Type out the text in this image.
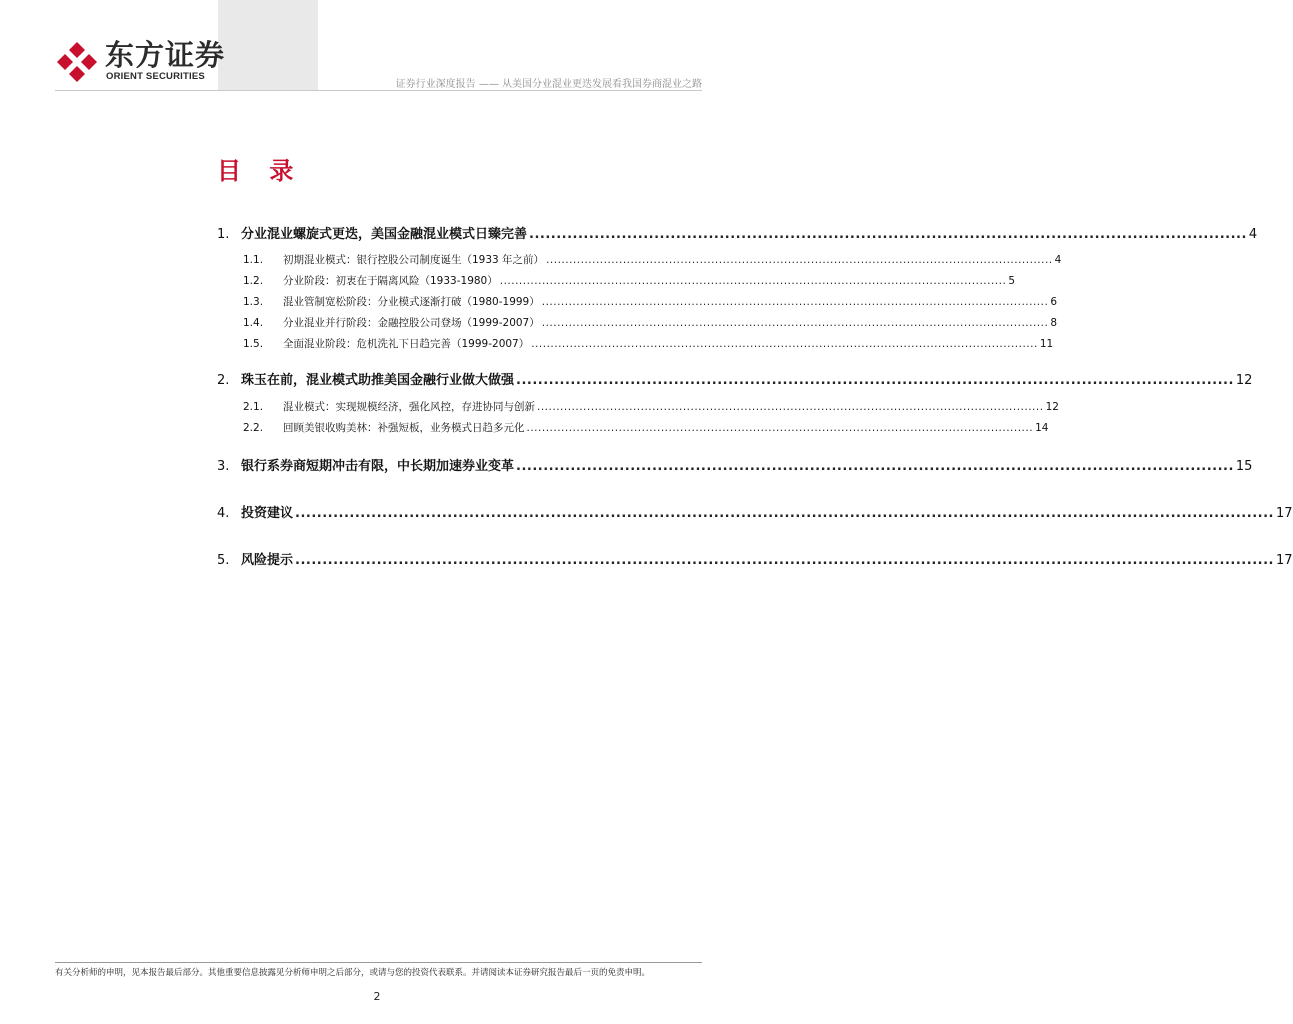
东方证券
ORIENT SECURITIES
证券行业深度报告 —— 从美国分业混业更迭发展看我国券商混业之路
目 录
1. 分业混业螺旋式更迭，美国金融混业模式日臻完善 .................................................................................................................................... 4
1.1.	初期混业模式：银行控股公司制度诞生（1933 年之前） .................................................................................................................................... 4
1.2.	分业阶段：初衷在于隔离风险（1933-1980） .................................................................................................................................... 5
1.3.	混业管制宽松阶段：分业模式逐渐打破（1980-1999） .................................................................................................................................... 6
1.4.	分业混业并行阶段：金融控股公司登场（1999-2007） .................................................................................................................................... 8
1.5.	全面混业阶段：危机洗礼下日趋完善（1999-2007） .................................................................................................................................... 11
2. 珠玉在前，混业模式助推美国金融行业做大做强 .................................................................................................................................... 12
2.1.	混业模式：实现规模经济，强化风控，存进协同与创新 .................................................................................................................................... 12
2.2.	回顾美银收购美林：补强短板，业务模式日趋多元化 .................................................................................................................................... 14
3. 银行系券商短期冲击有限，中长期加速券业变革 .................................................................................................................................... 15
4. 投资建议 .................................................................................................................................................................................... 17
5. 风险提示 .................................................................................................................................................................................... 17
有关分析师的申明，见本报告最后部分。其他重要信息披露见分析师申明之后部分，或请与您的投资代表联系。并请阅读本证券研究报告最后一页的免责申明。
2
